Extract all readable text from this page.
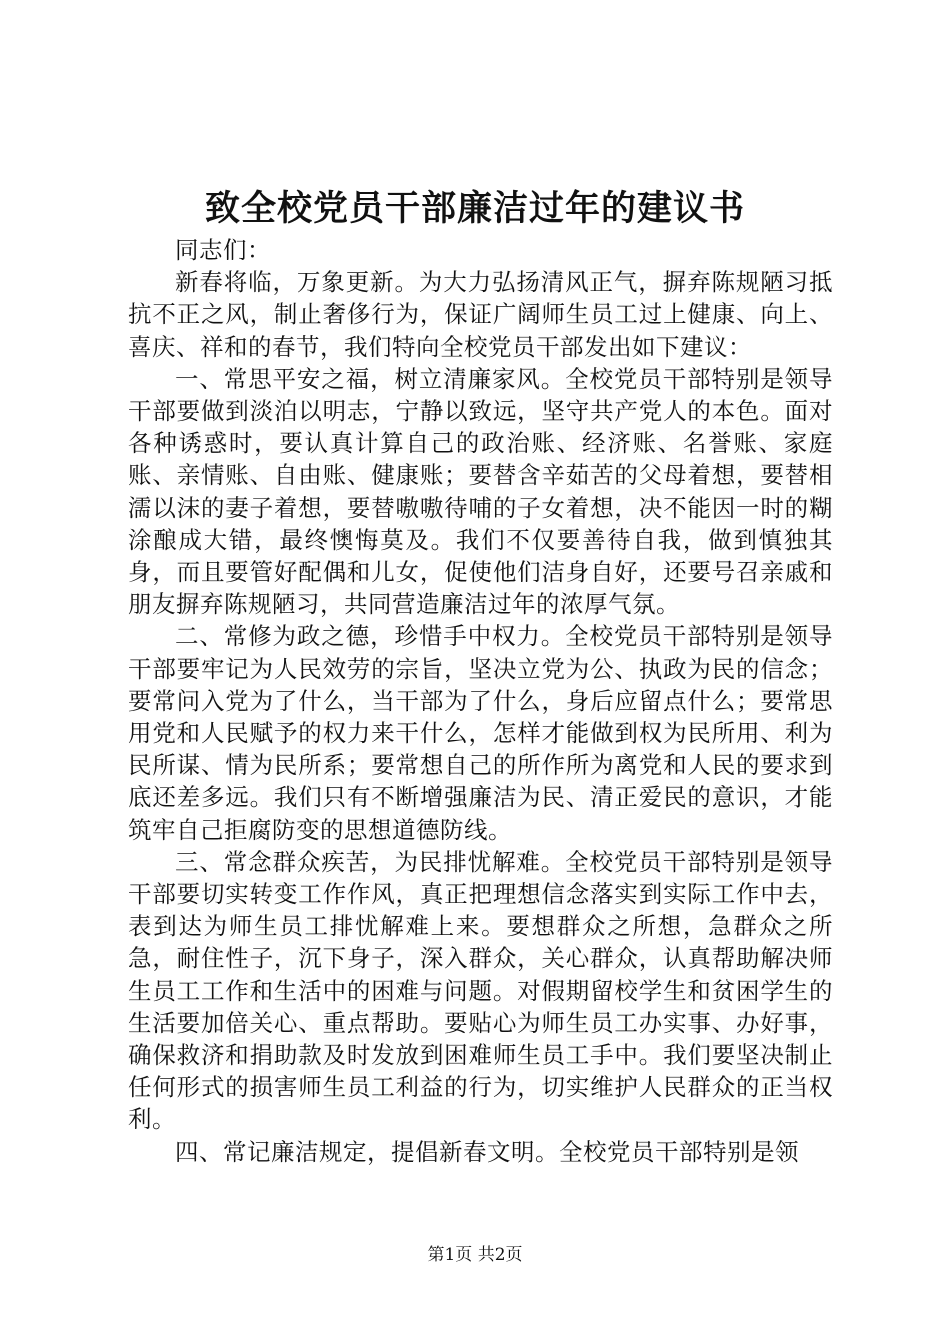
致全校党员干部廉洁过年的建议书

同志们：

新春将临，万象更新。为大力弘扬清风正气，摒弃陈规陋习抵抗不正之风，制止奢侈行为，保证广阔师生员工过上健康、向上、喜庆、祥和的春节，我们特向全校党员干部发出如下建议：

一、常思平安之福，树立清廉家风。全校党员干部特别是领导干部要做到淡泊以明志，宁静以致远，坚守共产党人的本色。面对各种诱惑时，要认真计算自己的政治账、经济账、名誉账、家庭账、亲情账、自由账、健康账；要替含辛茹苦的父母着想，要替相濡以沫的妻子着想，要替嗷嗷待哺的子女着想，决不能因一时的糊涂酿成大错，最终懊悔莫及。我们不仅要善待自我，做到慎独其身，而且要管好配偶和儿女，促使他们洁身自好，还要号召亲戚和朋友摒弃陈规陋习，共同营造廉洁过年的浓厚气氛。

二、常修为政之德，珍惜手中权力。全校党员干部特别是领导干部要牢记为人民效劳的宗旨，坚决立党为公、执政为民的信念；要常问入党为了什么，当干部为了什么，身后应留点什么；要常思用党和人民赋予的权力来干什么，怎样才能做到权为民所用、利为民所谋、情为民所系；要常想自己的所作所为离党和人民的要求到底还差多远。我们只有不断增强廉洁为民、清正爱民的意识，才能筑牢自己拒腐防变的思想道德防线。

三、常念群众疾苦，为民排忧解难。全校党员干部特别是领导干部要切实转变工作作风，真正把理想信念落实到实际工作中去，表到达为师生员工排忧解难上来。要想群众之所想，急群众之所急，耐住性子，沉下身子，深入群众，关心群众，认真帮助解决师生员工工作和生活中的困难与问题。对假期留校学生和贫困学生的生活要加倍关心、重点帮助。要贴心为师生员工办实事、办好事，确保救济和捐助款及时发放到困难师生员工手中。我们要坚决制止任何形式的损害师生员工利益的行为，切实维护人民群众的正当权利。

四、常记廉洁规定，提倡新春文明。全校党员干部特别是领

第1页 共2页
